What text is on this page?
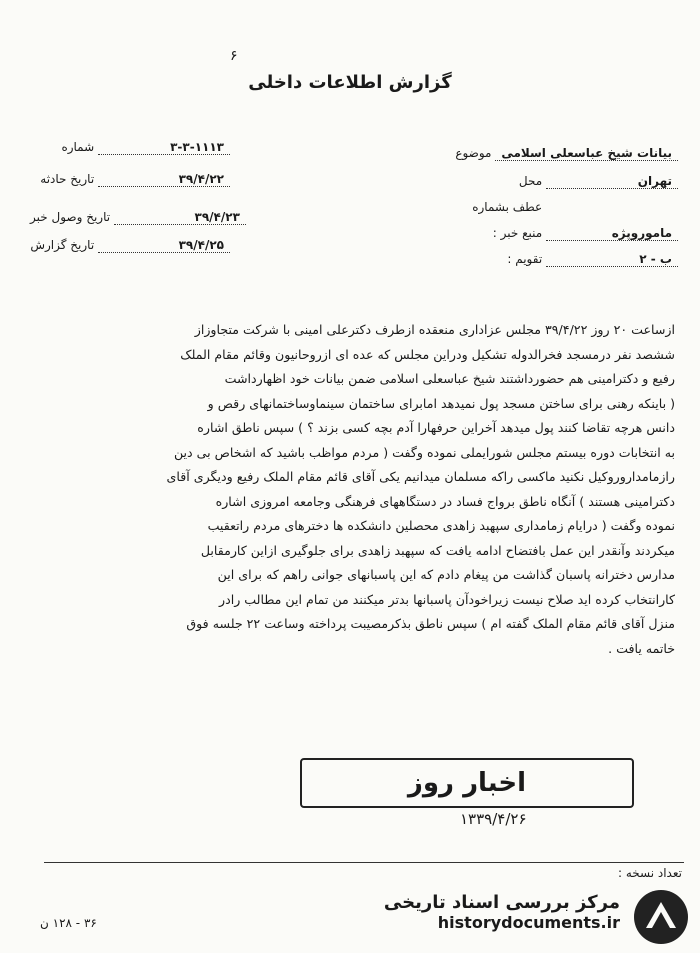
۶
گزارش اطلاعات داخلی
موضوع بیانات شیخ عباسعلی اسلامی
محل	تهران
عطف بشماره
منبع خبر :	ماموروپژه
تقویم :	ب - ۲
شماره	۳-۳-۱۱۱۳
تاریخ حادثه	۳۹/۴/۲۲
تاریخ وصول خبر	۳۹/۴/۲۳
تاریخ گزارش	۳۹/۴/۲۵

ازساعت ۲۰ روز ۳۹/۴/۲۲ مجلس عزاداری منعقده ازطرف دکترعلی امینی با شرکت متجاوزاز

ششصد نفر درمسجد فخرالدوله تشکیل ودراین مجلس که عده ای ازروحانیون وقائم مقام الملک

رفیع و دکترامینی هم حضورداشتند شیخ عباسعلی اسلامی ضمن بیانات خود اظهارداشت

( باینکه رهنی برای ساختن مسجد پول نمیدهد امابرای ساختمان سینماوساختمانهای رقص و

دانس هرچه تقاضا کنند پول میدهد آخراین حرفهارا آدم بچه کسی بزند ؟ ) سپس ناطق اشاره

به انتخابات دوره بیستم مجلس شورایملی نموده وگفت ( مردم مواظب باشید که اشخاص بی دین

رازمامداروروکیل نکنید ماکسی راکه مسلمان میدانیم یکی آقای قائم مقام الملک رفیع ودیگری آقای

دکترامینی هستند ) آنگاه ناطق برواج فساد در دستگاههای فرهنگی وجامعه امروزی اشاره

نموده وگفت ( درایام زمامداری سپهبد زاهدی محصلین دانشکده ها دخترهای مردم راتعقیب

میکردند وآنقدر این عمل بافتضاح ادامه یافت که سپهبد زاهدی برای جلوگیری ازاین کارمقابل

مدارس دخترانه پاسبان گذاشت من پیغام دادم که این پاسبانهای جوانی راهم که برای این

کارانتخاب کرده اید صلاح نیست زیراخودآن پاسبانها بدتر میکنند من تمام این مطالب رادر

منزل آقای قائم مقام الملک گفته ام ) سپس ناطق بذکرمصیبت پرداخته وساعت ۲۲ جلسه فوق

خاتمه یافت .

اخبار روز
۱۳۳۹/۴/۲۶
تعداد نسخه :
۳۶ - ۱۲۸ ن
مرکز بررسی اسناد تاریخی
historydocuments.ir
